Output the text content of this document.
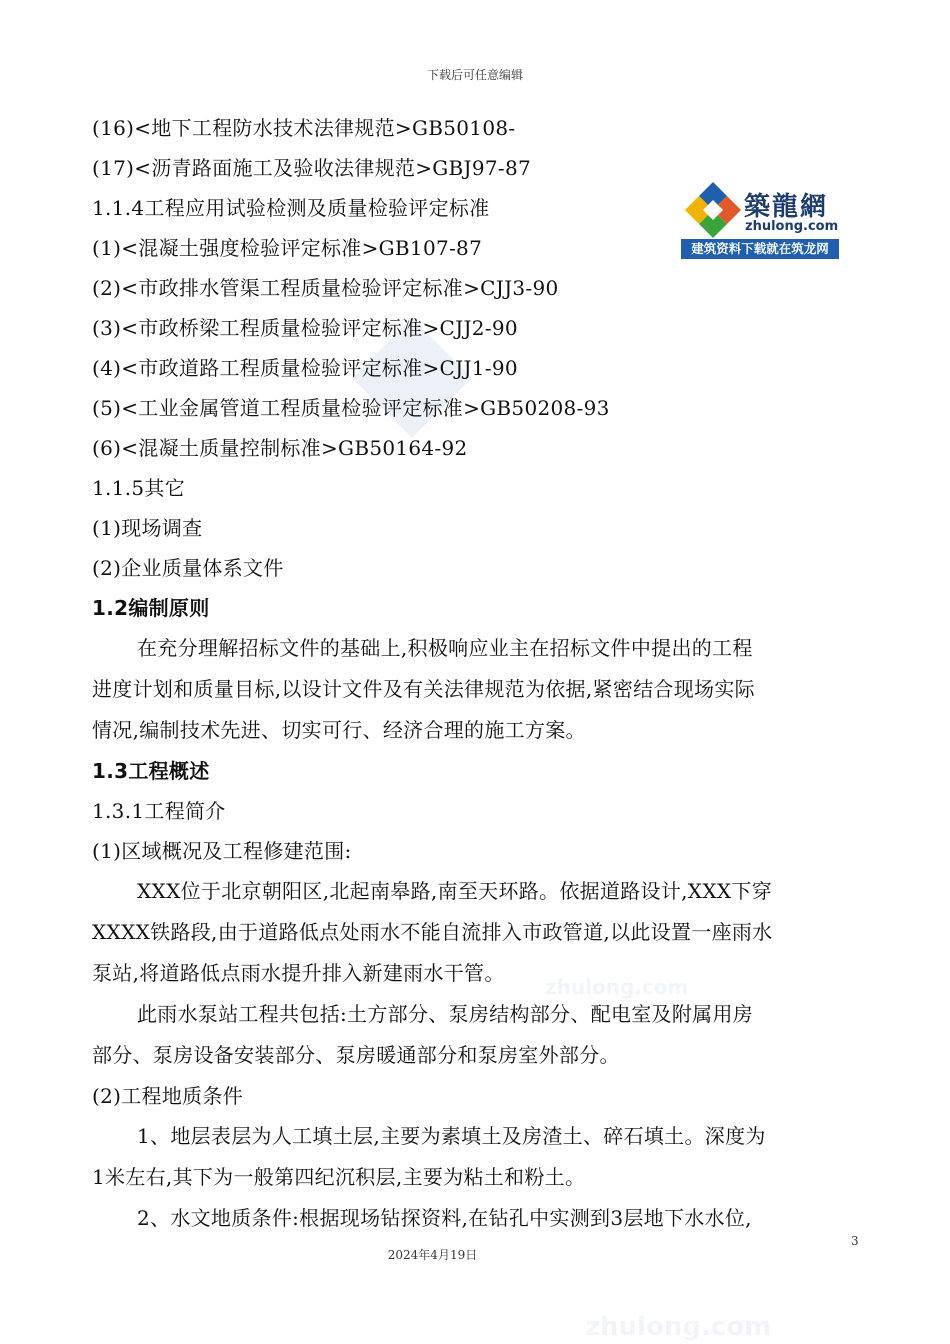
下载后可任意编辑
zhulong.com
zhulong.com
築龍網
zhulong.com
建筑资料下载就在筑龙网
(16)<地下工程防水技术法律规范>GB50108-
(17)<沥青路面施工及验收法律规范>GBJ97-87
1.1.4工程应用试验检测及质量检验评定标准
(1)<混凝土强度检验评定标准>GB107-87
(2)<市政排水管渠工程质量检验评定标准>CJJ3-90
(3)<市政桥梁工程质量检验评定标准>CJJ2-90
(4)<市政道路工程质量检验评定标准>CJJ1-90
(5)<工业金属管道工程质量检验评定标准>GB50208-93
(6)<混凝土质量控制标准>GB50164-92
1.1.5其它
(1)现场调查
(2)企业质量体系文件
1.2编制原则
在充分理解招标文件的基础上,积极响应业主在招标文件中提出的工程
进度计划和质量目标,以设计文件及有关法律规范为依据,紧密结合现场实际
情况,编制技术先进、切实可行、经济合理的施工方案。
1.3工程概述
1.3.1工程简介
(1)区域概况及工程修建范围:
XXX位于北京朝阳区,北起南皋路,南至天环路。依据道路设计,XXX下穿
XXXX铁路段,由于道路低点处雨水不能自流排入市政管道,以此设置一座雨水
泵站,将道路低点雨水提升排入新建雨水干管。
此雨水泵站工程共包括:土方部分、泵房结构部分、配电室及附属用房
部分、泵房设备安装部分、泵房暖通部分和泵房室外部分。
(2)工程地质条件
1、地层表层为人工填土层,主要为素填土及房渣土、碎石填土。深度为
1米左右,其下为一般第四纪沉积层,主要为粘土和粉土。
2、水文地质条件:根据现场钻探资料,在钻孔中实测到3层地下水水位,
3
2024年4月19日
